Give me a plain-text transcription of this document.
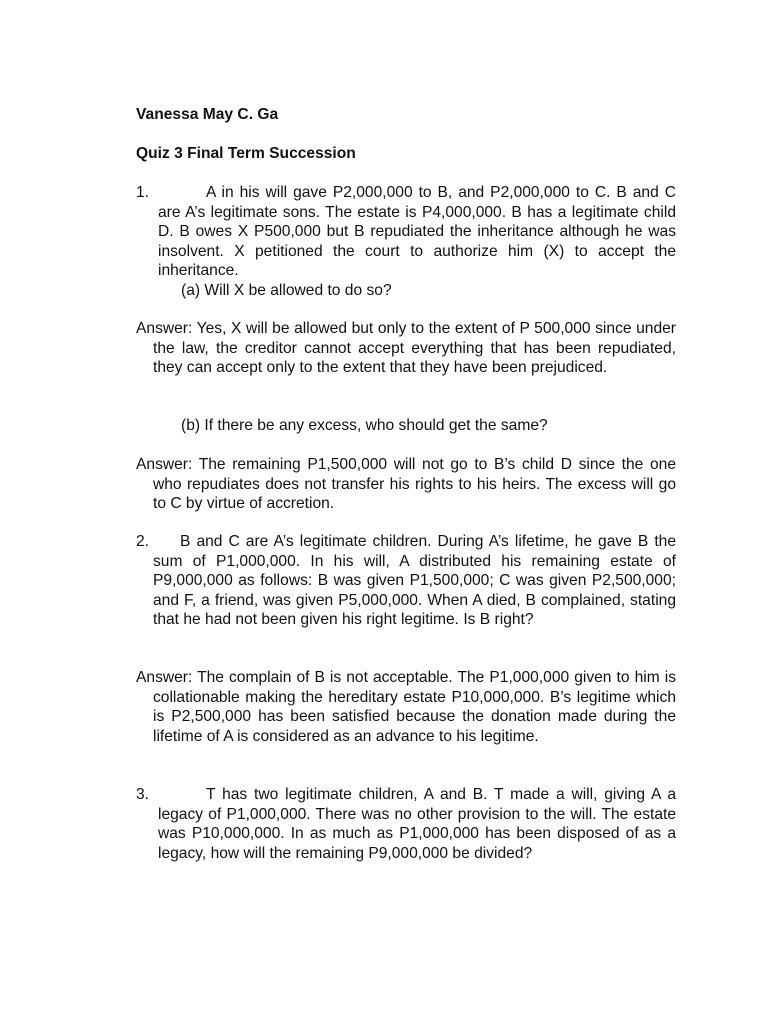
Vanessa May C. Ga
Quiz 3 Final Term Succession
1.	A in his will gave P2,000,000 to B, and P2,000,000 to C. B and C are A’s legitimate sons. The estate is P4,000,000. B has a legitimate child D. B owes X P500,000 but B repudiated the inheritance although he was insolvent. X petitioned the court to authorize him (X) to accept the inheritance.
(a) Will X be allowed to do so?
Answer: Yes, X will be allowed but only to the extent of P 500,000 since under the law, the creditor cannot accept everything that has been repudiated, they can accept only to the extent that they have been prejudiced.
(b) If there be any excess, who should get the same?
Answer: The remaining P1,500,000 will not go to B’s child D since the one who repudiates does not transfer his rights to his heirs. The excess will go to C by virtue of accretion.
2.	B and C are A’s legitimate children. During A’s lifetime, he gave B the sum of P1,000,000. In his will, A distributed his remaining estate of P9,000,000 as follows: B was given P1,500,000; C was given P2,500,000; and F, a friend, was given P5,000,000. When A died, B complained, stating that he had not been given his right legitime. Is B right?
Answer: The complain of B is not acceptable. The P1,000,000 given to him is collationable making the hereditary estate P10,000,000. B’s legitime which is P2,500,000 has been satisfied because the donation made during the lifetime of A is considered as an advance to his legitime.
3.	T has two legitimate children, A and B. T made a will, giving A a legacy of P1,000,000. There was no other provision to the will. The estate was P10,000,000. In as much as P1,000,000 has been disposed of as a legacy, how will the remaining P9,000,000 be divided?
